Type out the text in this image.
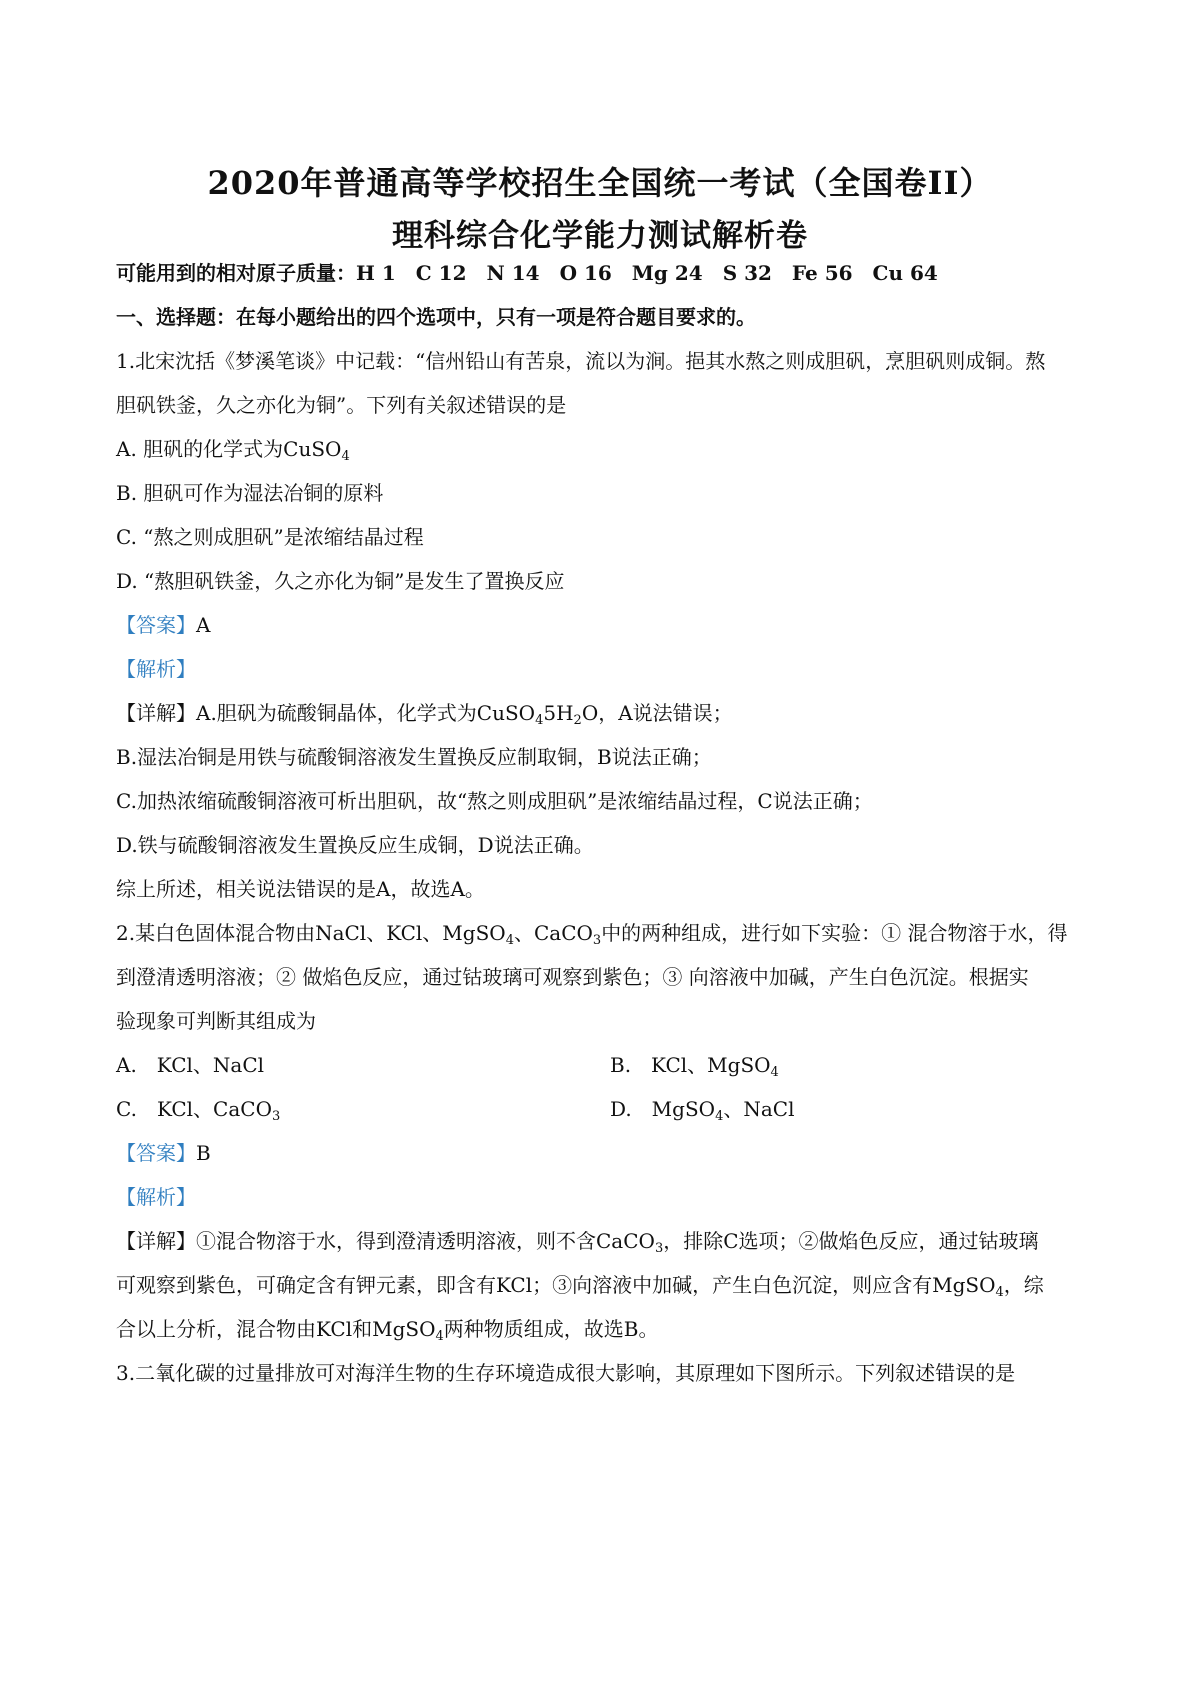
2020年普通高等学校招生全国统一考试（全国卷II）
理科综合化学能力测试解析卷
可能用到的相对原子质量：H 1　C 12　N 14　O 16　Mg 24　S 32　Fe 56　Cu 64
一、选择题：在每小题给出的四个选项中，只有一项是符合题目要求的。
1.北宋沈括《梦溪笔谈》中记载：“信州铅山有苦泉，流以为涧。挹其水熬之则成胆矾，烹胆矾则成铜。熬
胆矾铁釜，久之亦化为铜”。下列有关叙述错误的是
A. 胆矾的化学式为CuSO$_4$
B. 胆矾可作为湿法冶铜的原料
C. “熬之则成胆矾”是浓缩结晶过程
D. “熬胆矾铁釜，久之亦化为铜”是发生了置换反应
【答案】A
【解析】
【详解】A.胆矾为硫酸铜晶体，化学式为$CuSO_45H_2O$，A说法错误；
B.湿法冶铜是用铁与硫酸铜溶液发生置换反应制取铜，B说法正确；
C.加热浓缩硫酸铜溶液可析出胆矾，故“熬之则成胆矾”是浓缩结晶过程，C说法正确；
D.铁与硫酸铜溶液发生置换反应生成铜，D说法正确。
综上所述，相关说法错误的是A，故选A。
2.某白色固体混合物由NaCl、KCl、MgSO$_4$、CaCO$_3$中的两种组成，进行如下实验：① 混合物溶于水，得
到澄清透明溶液；② 做焰色反应，通过钴玻璃可观察到紫色；③ 向溶液中加碱，产生白色沉淀。根据实
验现象可判断其组成为
A.　KCl、NaCl	B.　KCl、MgSO$_4$
C.　KCl、CaCO$_3$	D.　MgSO$_4$、NaCl
【答案】B
【解析】
【详解】①混合物溶于水，得到澄清透明溶液，则不含CaCO$_3$，排除C选项；②做焰色反应，通过钴玻璃
可观察到紫色，可确定含有钾元素，即含有KCl；③向溶液中加碱，产生白色沉淀，则应含有MgSO$_4$，综
合以上分析，混合物由KCl和MgSO$_4$两种物质组成，故选B。
3.二氧化碳的过量排放可对海洋生物的生存环境造成很大影响，其原理如下图所示。下列叙述错误的是
